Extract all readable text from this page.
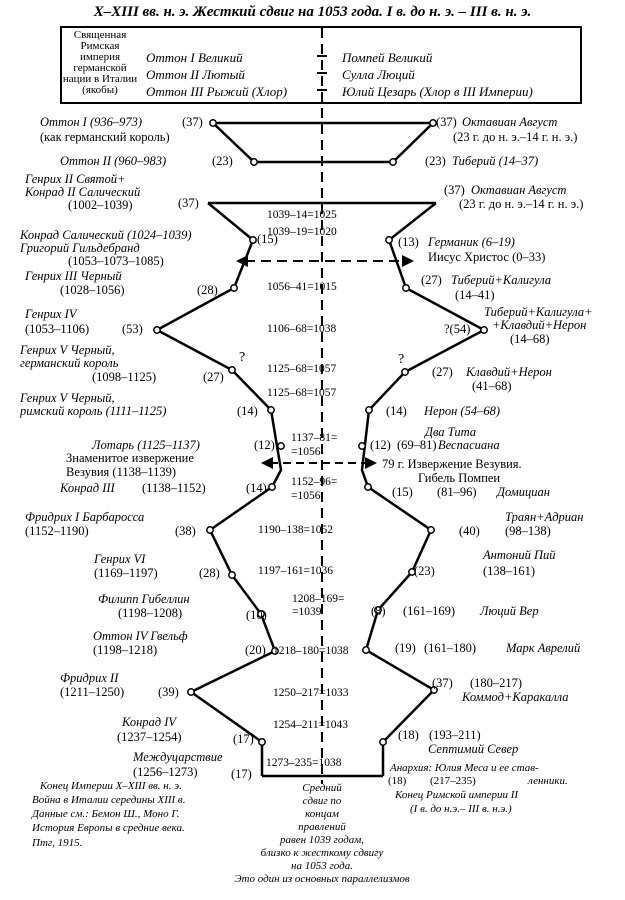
X–XIII вв. н. э. Жесткий сдвиг на 1053 года. I в. до н. э. – III в. н. э.
Священная Римская империя германской нации в Италии (якобы)
Оттон I Великий
Оттон II Лютый
Оттон III Рыжий (Хлор)
Помпей Великий
Сулла Люций
Юлий Цезарь (Хлор в III Империи)
Оттон I (936–973)	(37)
(как германский король)
Оттон II (960–983)	(23)
Генрих II Святой+
Конрад II Салический
(1002–1039)	(37)
Конрад Салический (1024–1039)	(15)
Григорий Гильдебранд
(1053–1073–1085)
Генрих III Черный
(1028–1056)	(28)
Генрих IV
(1053–1106)	(53)
Генрих V Черный,
германский король
(1098–1125)	(27)
?
Генрих V Черный,
римский король (1111–1125)	(14)
Лотарь (1125–1137)	(12)
Знаменитое извержение
Везувия (1138–1139)
Конрад III (1138–1152)	(14)
Фридрих I Барбаросса
(1152–1190)	(38)
Генрих VI
(1169–1197)	(28)
Филипп Гибеллин
(1198–1208)	(10)
Оттон IV Гвельф
(1198–1218)	(20)
Фридрих II
(1211–1250)	(39)
Конрад IV
(1237–1254)	(17)
Междуцарствие
(1256–1273)	(17)
1039–14=1025
1039–19=1020
1056–41=1015
1106–68=1038
1125–68=1057
1125–68=1057
1137–81=
=1056
1152–96=
=1056
1190–138=1052
1197–161=1036
1208–169=
=1039
1218–180=1038
1250–217=1033
1254–211=1043
1273–235=1038
(37) Октавиан Август
(23 г. до н. э.–14 г. н. э.)
(23) Тиберий (14–37)
(37) Октавиан Август
(23 г. до н. э.–14 г. н. э.)
(13) Германик (6–19)
Иисус Христос (0–33)
(27) Тиберий+Калигула
(14–41)
Тиберий+Калигула+
+Клавдий+Нерон
(14–68)
?(54)
?
(27) Клавдий+Нерон
(41–68)
(14) Нерон (54–68)
Два Тита
(12) (69–81) Веспасиана
79 г. Извержение Везувия.
Гибель Помпеи
(15) (81–96) Домициан
(40)
Траян+Адриан
(98–138)
(23)
Антоний Пий
(138–161)
(8) (161–169) Люций Вер
(19) (161–180) Марк Аврелий
(37) (180–217)
Коммод+Каракалла
(18) (193–211)
Септимий Север
Анархия: Юлия Меса и ее став-
(18) (217–235)	ленники.
Конец Римской империи II
(I в. до н.э.– III в. н.э.)
Конец Империи X–XIII вв. н. э.
Война в Италии середины XIII в.
Данные см.: Бемон Ш., Моно Г.
История Европы в средние века.
Птг, 1915.
Средний
сдвиг по
концам
правлений
равен 1039 годам,
близко к жесткому сдвигу
на 1053 года.
Это один из основных параллелизмов
